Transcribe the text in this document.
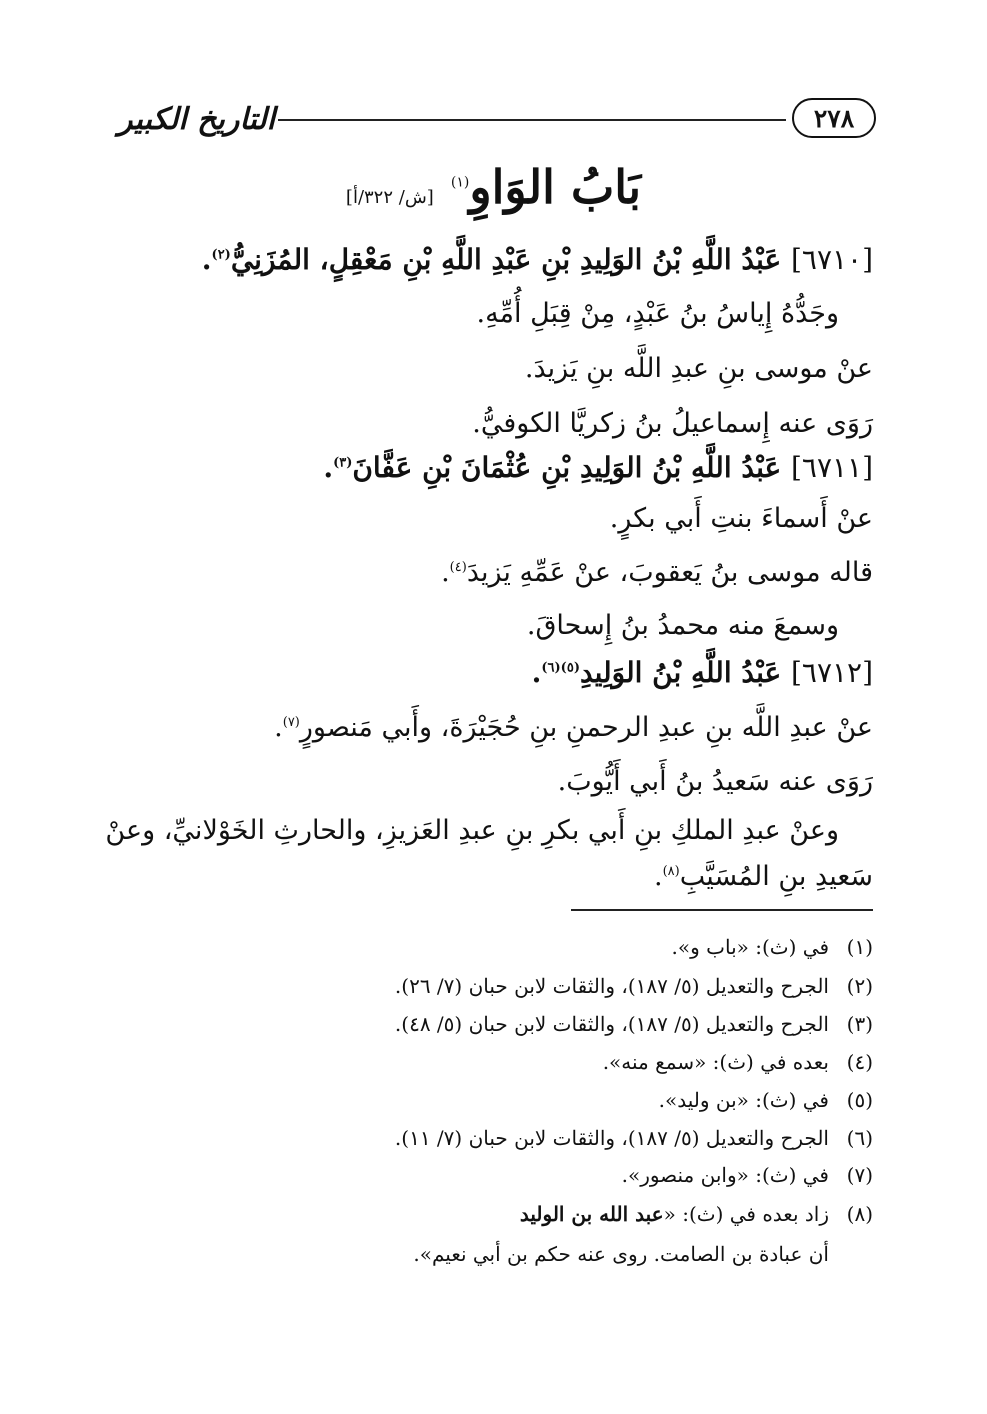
٢٧٨
التاريخ الكبير
بَابُ الوَاوِ$^{(١)}$ [ش/ ٣٢٢/أ]
[٦٧١٠] عَبْدُ اللَّهِ بْنُ الوَلِيدِ بْنِ عَبْدِ اللَّهِ بْنِ مَعْقِلٍ، المُزَنِيُّ$^{(٢)}$.
وجَدُّهُ إِياسُ بنُ عَبْدٍ، مِنْ قِبَلِ أُمِّهِ.
عنْ موسى بنِ عبدِ اللَّه بنِ يَزيدَ.
رَوَى عنه إِسماعيلُ بنُ زكريَّا الكوفيُّ.
[٦٧١١] عَبْدُ اللَّهِ بْنُ الوَلِيدِ بْنِ عُثْمَانَ بْنِ عَفَّانَ$^{(٣)}$.
عنْ أَسماءَ بنتِ أَبي بكرٍ.
قاله موسى بنُ يَعقوبَ، عنْ عَمِّهِ يَزيدَ$^{(٤)}$.
وسمعَ منه محمدُ بنُ إِسحاقَ.
[٦٧١٢] عَبْدُ اللَّهِ بْنُ الوَلِيدِ$^{(٥)(٦)}$.
عنْ عبدِ اللَّه بنِ عبدِ الرحمنِ بنِ حُجَيْرَةَ، وأَبي مَنصورٍ$^{(٧)}$.
رَوَى عنه سَعيدُ بنُ أَبي أَيُّوبَ.
وعنْ عبدِ الملكِ بنِ أَبي بكرِ بنِ عبدِ العَزيزِ، والحارثِ الخَوْلانيِّ، وعنْ
سَعيدِ بنِ المُسَيَّبِ$^{(٨)}$.
(١)في (ث): «باب و».
(٢)الجرح والتعديل (٥/ ١٨٧)، والثقات لابن حبان (٧/ ٢٦).
(٣)الجرح والتعديل (٥/ ١٨٧)، والثقات لابن حبان (٥/ ٤٨).
(٤)بعده في (ث): «سمع منه».
(٥)في (ث): «بن وليد».
(٦)الجرح والتعديل (٥/ ١٨٧)، والثقات لابن حبان (٧/ ١١).
(٧)في (ث): «وابن منصور».
(٨)زاد بعده في (ث): «عبد الله بن الوليد
أن عبادة بن الصامت. روى عنه حكم بن أبي نعيم».
